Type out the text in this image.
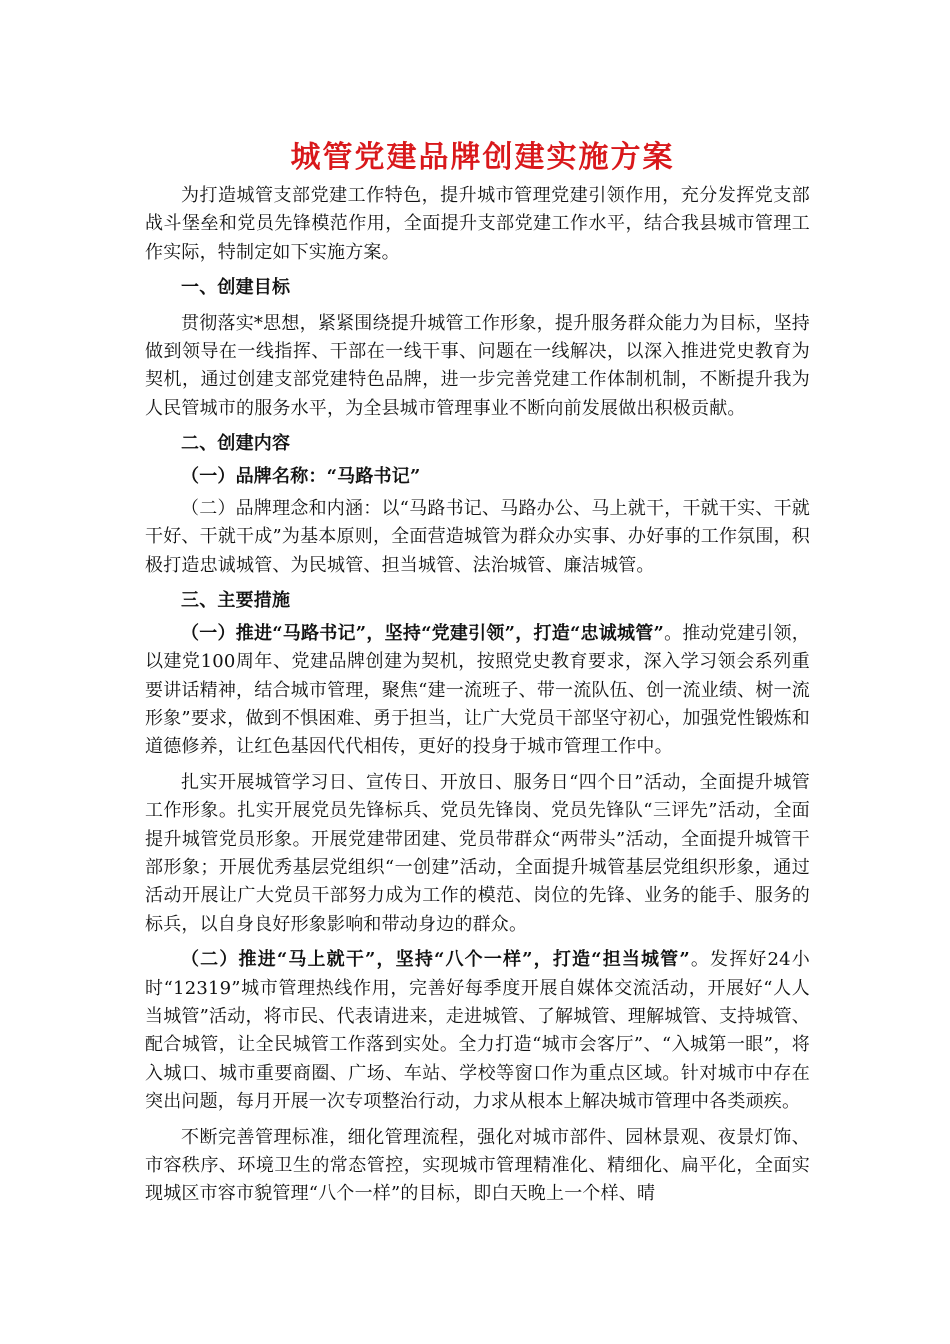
城管党建品牌创建实施方案

为打造城管支部党建工作特色，提升城市管理党建引领作用，充分发挥党支部战斗堡垒和党员先锋模范作用，全面提升支部党建工作水平，结合我县城市管理工作实际，特制定如下实施方案。

一、创建目标

贯彻落实*思想，紧紧围绕提升城管工作形象，提升服务群众能力为目标，坚持做到领导在一线指挥、干部在一线干事、问题在一线解决，以深入推进党史教育为契机，通过创建支部党建特色品牌，进一步完善党建工作体制机制，不断提升我为人民管城市的服务水平，为全县城市管理事业不断向前发展做出积极贡献。

二、创建内容

（一）品牌名称：“马路书记”

（二）品牌理念和内涵：以“马路书记、马路办公、马上就干，干就干实、干就干好、干就干成”为基本原则，全面营造城管为群众办实事、办好事的工作氛围，积极打造忠诚城管、为民城管、担当城管、法治城管、廉洁城管。

三、主要措施

（一）推进“马路书记”，坚持“党建引领”，打造“忠诚城管”。推动党建引领，以建党100周年、党建品牌创建为契机，按照党史教育要求，深入学习领会系列重要讲话精神，结合城市管理，聚焦“建一流班子、带一流队伍、创一流业绩、树一流形象”要求，做到不惧困难、勇于担当，让广大党员干部坚守初心，加强党性锻炼和道德修养，让红色基因代代相传，更好的投身于城市管理工作中。

扎实开展城管学习日、宣传日、开放日、服务日“四个日”活动，全面提升城管工作形象。扎实开展党员先锋标兵、党员先锋岗、党员先锋队“三评先”活动，全面提升城管党员形象。开展党建带团建、党员带群众“两带头”活动，全面提升城管干部形象；开展优秀基层党组织“一创建”活动，全面提升城管基层党组织形象，通过活动开展让广大党员干部努力成为工作的模范、岗位的先锋、业务的能手、服务的标兵，以自身良好形象影响和带动身边的群众。

（二）推进“马上就干”，坚持“八个一样”，打造“担当城管”。发挥好24小时“12319”城市管理热线作用，完善好每季度开展自媒体交流活动，开展好“人人当城管”活动，将市民、代表请进来，走进城管、了解城管、理解城管、支持城管、配合城管，让全民城管工作落到实处。全力打造“城市会客厅”、“入城第一眼”，将入城口、城市重要商圈、广场、车站、学校等窗口作为重点区域。针对城市中存在突出问题，每月开展一次专项整治行动，力求从根本上解决城市管理中各类顽疾。

不断完善管理标准，细化管理流程，强化对城市部件、园林景观、夜景灯饰、市容秩序、环境卫生的常态管控，实现城市管理精准化、精细化、扁平化，全面实现城区市容市貌管理“八个一样”的目标，即白天晚上一个样、晴
